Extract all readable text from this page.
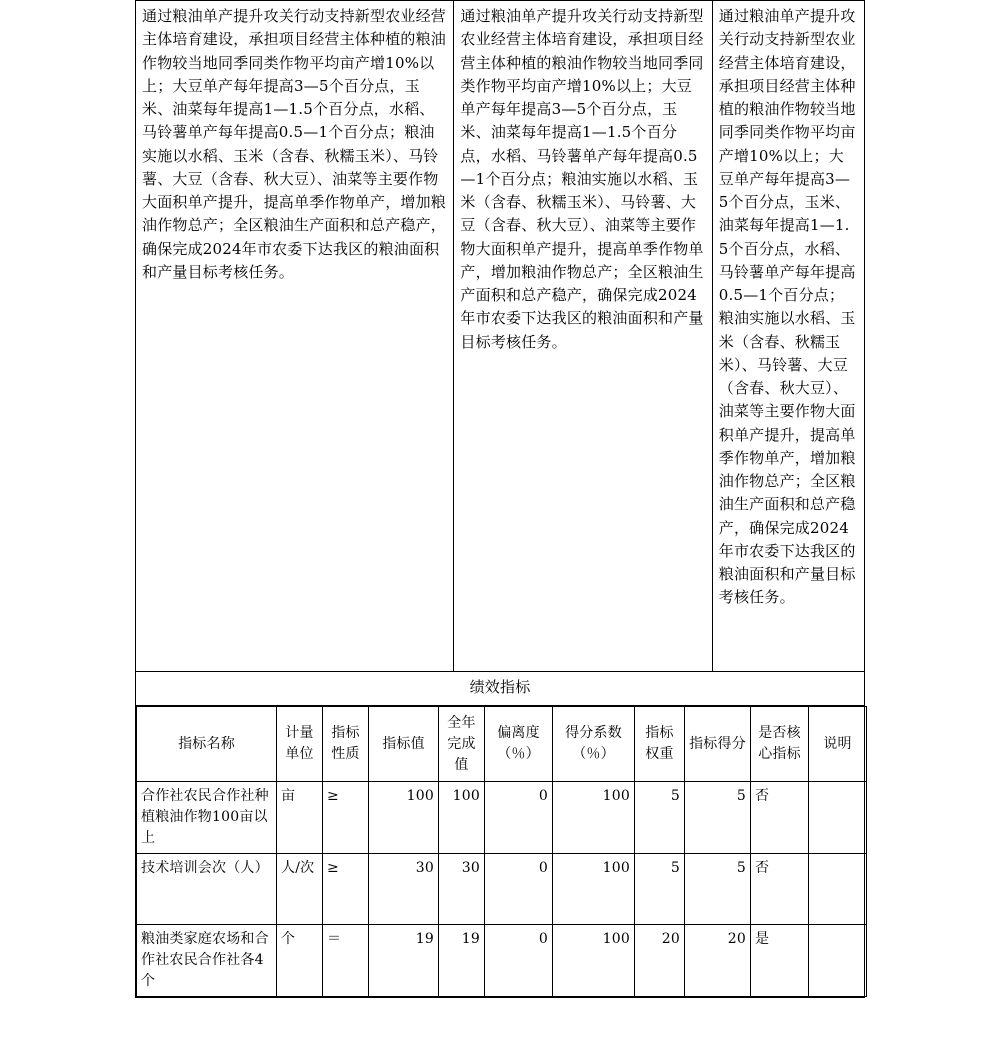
通过粮油单产提升攻关行动支持新型农业经营主体培育建设，承担项目经营主体种植的粮油作物较当地同季同类作物平均亩产增10%以上；大豆单产每年提高3—5个百分点，玉米、油菜每年提高1—1.5个百分点，水稻、马铃薯单产每年提高0.5—1个百分点；粮油实施以水稻、玉米（含春、秋糯玉米）、马铃薯、大豆（含春、秋大豆）、油菜等主要作物大面积单产提升，提高单季作物单产，增加粮油作物总产；全区粮油生产面积和总产稳产，确保完成2024年市农委下达我区的粮油面积和产量目标考核任务。

通过粮油单产提升攻关行动支持新型农业经营主体培育建设，承担项目经营主体种植的粮油作物较当地同季同类作物平均亩产增10%以上；大豆单产每年提高3—5个百分点，玉米、油菜每年提高1—1.5个百分点，水稻、马铃薯单产每年提高0.5—1个百分点；粮油实施以水稻、玉米（含春、秋糯玉米）、马铃薯、大豆（含春、秋大豆）、油菜等主要作物大面积单产提升，提高单季作物单产，增加粮油作物总产；全区粮油生产面积和总产稳产，确保完成2024年市农委下达我区的粮油面积和产量目标考核任务。

通过粮油单产提升攻关行动支持新型农业经营主体培育建设，承担项目经营主体种植的粮油作物较当地同季同类作物平均亩产增10%以上；大豆单产每年提高3—5个百分点，玉米、油菜每年提高1—1.5个百分点，水稻、马铃薯单产每年提高0.5—1个百分点；粮油实施以水稻、玉米（含春、秋糯玉米）、马铃薯、大豆（含春、秋大豆）、油菜等主要作物大面积单产提升，提高单季作物单产，增加粮油作物总产；全区粮油生产面积和总产稳产，确保完成2024年市农委下达我区的粮油面积和产量目标考核任务。

绩效指标

指标名称	计量单位	指标性质	指标值	全年完成值	偏离度（％）	得分系数（％）	指标权重	指标得分	是否核心指标	说明
合作社农民合作社种植粮油作物100亩以上	亩	≥	100	100	0	100	5	5	否	
技术培训会次（人）	人/次	≥	30	30	0	100	5	5	否	
粮油类家庭农场和合作社农民合作社各4个	个	＝	19	19	0	100	20	20	是	
